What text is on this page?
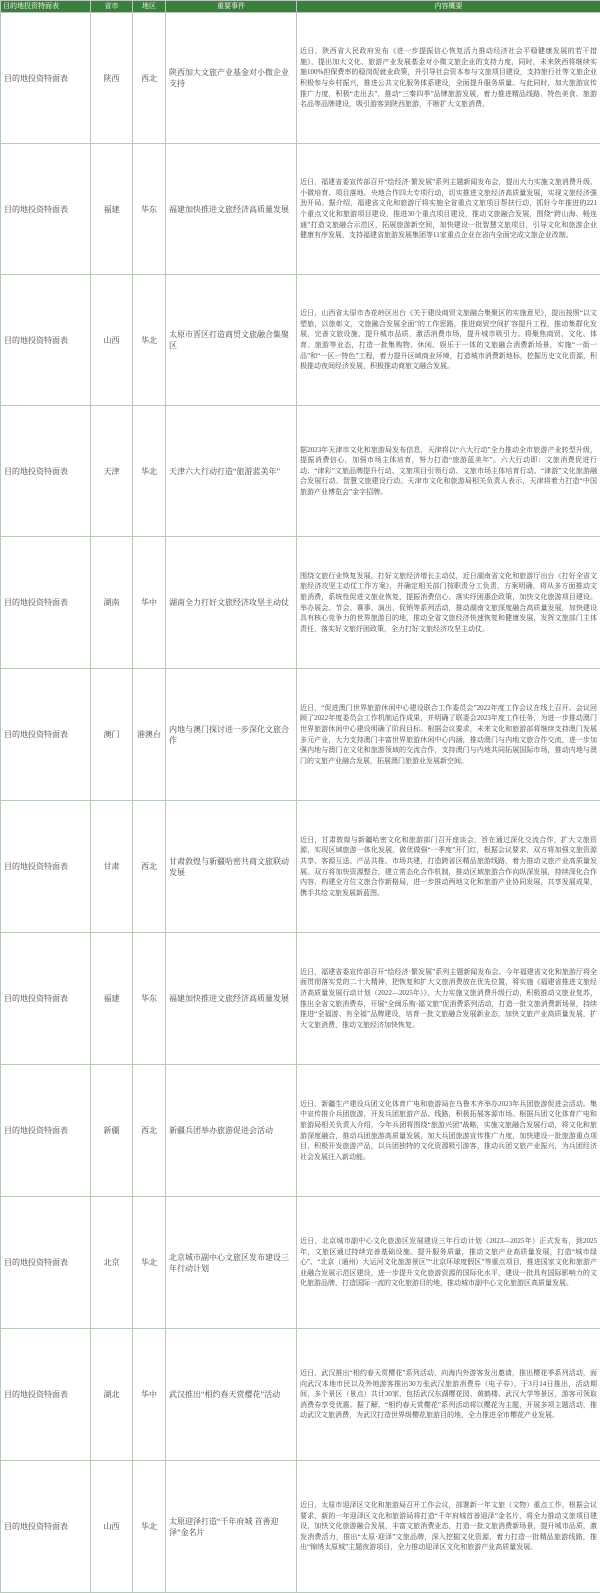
目的地投资特面表	省市	地区	重要事件	内容概要
目的地投资特面表	陕西	西北	陕西加大文旅产业基金对小微企业支持	近日，陕西省人民政府发布《进一步提振信心恢复活力推动经济社会平稳健康发展的若干措施》，提出加大文化、旅游产业发展基金对小微文旅企业的支持力度，同时，未来陕西将继续实施100%担保费率的稳岗促就业政策，并引导社会资本参与文旅项目建设，支持旅行社等文旅企业积极参与乡村振兴，推进公共文化服务体系建设，全面提升服务质量。与此同时，加大旅游宣传推广力度，积极“走出去”，推动“三秦四季”品牌旅游发展，着力推进精品线路、特色美食、旅游名品等品牌建设，吸引游客到陕西旅游，不断扩大文旅消费。
目的地投资特面表	福建	华东	福建加快推进文旅经济高质量发展	近日，福建省委宣传部召开“绘经济·繁发展”系列主题新闻发布会，提出大力实施文旅消费升级、小微培育、项目落地、央地合作四大专项行动，切实推进文旅经济高质量发展，实现文旅经济强劲开局。据介绍，福建省文化和旅游厅将实施全省重点文旅项目帮扶行动，抓好今年推进的221个重点文化和旅游项目建设，推进30个重点项目建设，推动文旅融合发展，围绕“跨山海、畅连通”打造文旅融合示范区，拓展旅游新空间，加快建设一批智慧文旅项目，引导文化和旅游企业健康有序发展，支持福建省旅游发展集团等11家重点企业在省内全面完成文旅企业改制。
目的地投资特面表	山西	华北	太原市晋区打造商贸文旅融合集聚区	近日，山西省太原市杏花岭区出台《关于建设商贸文旅融合集聚区的实施意见》，提出按照“以文塑旅，以旅彰文，文旅融合发展全面”的工作思路，推进商贸空间扩容提升工程，推动集群化发展，完善文旅设施，提升城市品质，激活消费市场，提升城市吸引力。将聚焦商贸、文化、体育、旅游等业态，打造一批集购物、休闲、娱乐于一体的文旅融合消费新场景，实施“一街一品”和“一区一特色”工程，着力提升区域商业环境，打造城市消费新地标，挖掘历史文化资源，积极推动夜间经济发展，积极推动商旅文融合发展。
目的地投资特面表	天津	华北	天津六大行动打造“旅游蓝美年”	据2023年天津市文化和旅游局发布信息，天津将以“六大行动”全力推动全市旅游产业转型升级，提振消费信心，加强市场主体培育，努力打造“旅游蓝美年”。六大行动即：文旅消费促进行动、“津彩”文旅品牌提升行动、文旅项目引领行动、文旅市场主体培育行动、“津游”文化旅游融合发展行动、智慧文旅建设行动。天津市文化和旅游局相关负责人表示，天津将着力打造“中国旅游产业博览会”金字招牌。
目的地投资特面表	湖南	华中	湖南全力打好文旅经济攻坚主动仗	围绕文旅行业恢复发展，打好文旅经济增长主动仗，近日湖南省文化和旅游厅出台《打好全省文旅经济攻坚主动仗工作方案》，并确定相关部门按职责分工负责，方案明确，将从多方面推动文旅消费，系统性促进文旅业恢复，提振消费信心，落实纾困惠企政策，加快文化旅游项目建设。举办展会、节会、赛事、演出、促销等系列活动，推动湖南文旅深度融合高质量发展，加快建设具有核心竞争力的世界旅游目的地，推动全省文旅经济快速恢复和健康发展，发挥文旅部门主体责任，落实好文旅纾困政策，全力打好文旅经济攻坚主动仗。
目的地投资特面表	澳门	港澳台	内地与澳门探讨进一步深化文旅合作	近日，“促进澳门世界旅游休闲中心建设联合工作委员会”2022年度工作会议在线上召开。会议回顾了2022年度委员会工作机制运作成果，并明确了联委会2023年度工作任务，为进一步推动澳门世界旅游休闲中心建设明确了阶段目标。根据会议要求，未来文化和旅游部将继续支持澳门发展多元产业，大力支持澳门丰富世界旅游休闲中心内涵，推动澳门与内地文旅合作交流，进一步加强内地与澳门在文化和旅游领域的交流合作，支持澳门与内地共同拓展国际市场，推动内地与澳门的文旅产业融合发展，拓展澳门旅游业发展新空间。
目的地投资特面表	甘肃	西北	甘肃敦煌与新疆哈密共商文旅联动发展	近日，甘肃敦煌与新疆哈密文化和旅游部门召开座谈会，旨在通过深化交流合作，扩大文旅资源，实现区域旅游一体化发展，做优做强“一季度”开门红，根据会议要求，双方将加强文旅资源共享、客源互送、产品共推、市场共建，打造跨省区精品旅游线路，着力推动文旅产业高质量发展。双方将加快资源整合，建立常态化合作机制，推动区域旅游合作向纵深发展，持续深化合作内容，构建全方位文旅合作新格局，进一步推动两地文化和旅游产业协同发展，共享发展成果，携手共绘文旅发展新蓝图。
目的地投资特面表	福建	华东	福建加快推进文旅经济高质量发展	近日，福建省委宣传部召开“绘经济·繁发展”系列主题新闻发布会。今年福建省文化和旅游厅将全面贯彻落实党的二十大精神，把恢复和扩大文旅消费放在优先位置，将实施《福建省推进文旅经济高质量发展行动计划（2022—2025年）》，大力实施文旅消费升级行动，积极推动文旅业复苏，推出全省文旅消费券，开展“全闽乐购·福文旅”促消费系列活动，打造一批文旅消费新场景，持续推进“全福游、有全福”品牌建设，培育一批文旅融合发展新业态，加快文旅产业高质量发展，扩大文旅消费，推动文旅经济加快恢复。
目的地投资特面表	新疆	西北	新疆兵团举办旅游促进会活动	近日，新疆生产建设兵团文化体育广电和旅游局在乌鲁木齐举办2023年兵团旅游促进会活动。集中宣传推介兵团旅游，开发兵团旅游产品、线路，积极拓展客源市场。根据兵团文化体育广电和旅游局相关负责人介绍，今年兵团将围绕“旅游兴团”战略，实施文旅融合发展行动，将文化和旅游深度融合，推动兵团旅游高质量发展，加大兵团旅游宣传推广力度，加快建设一批旅游重点项目，积极开发旅游产品，以兵团独特的文化资源吸引游客，推动兵团文旅产业振兴，为兵团经济社会发展注入新动能。
目的地投资特面表	北京	华北	北京城市副中心文旅区发布建设三年行动计划	近日，北京城市副中心文化旅游区发展建设三年行动计划（2023—2025年）正式发布，到2025年，文旅区通过持续完善基础设施、提升服务质量，推动文旅产业高质量发展，打造“城市绿心”、“北京（通州）大运河文化旅游景区”“北京环球度假区”等重点项目，推进国家文化和旅游产业融合发展示范区建设，进一步提升文化旅游资源的国际化水平，建设一批具有国际影响力的文化旅游品牌，打造国际一流的文化旅游目的地，推动城市副中心文化旅游区高质量发展。
目的地投资特面表	湖北	华中	武汉推出“相约春天赏樱花”活动	近日，武汉推出“相约春天赏樱花”系列活动，向海内外游客发出邀请，推出樱花季系列活动，面向武汉本地市民以及外地游客推出30万张武汉旅游消费券（电子券），于3月14日推出，活动期间，多个景区（景点）共计30家，包括武汉东湖樱花园、黄鹤楼、武汉大学等景区，游客可领取消费券享受优惠。据了解，“相约春天赏樱花”系列活动将以樱花为主题，开展多项主题活动，推动武汉文旅消费，为武汉打造世界级樱花旅游目的地，全力推进全市樱花产业发展。
目的地投资特面表	山西	华北	太原迎泽打造“千年府城 首善迎泽”金名片	近日，太原市迎泽区文化和旅游局召开工作会议，部署新一年文旅（文物）重点工作，根据会议要求，新的一年迎泽区文化和旅游局将打造“千年府城首善迎泽”金名片，将全力推动文旅项目建设，加快文化旅游融合发展，丰富文旅消费业态，打造一批文旅消费新场景，提升城市品质，激发消费活力，推出“太原·迎泽”文旅品牌，深入挖掘文化资源，着力打造一批精品旅游线路，推出“锦绣太原城”主题夜游项目，全力推动迎泽区文化和旅游产业高质量发展。
